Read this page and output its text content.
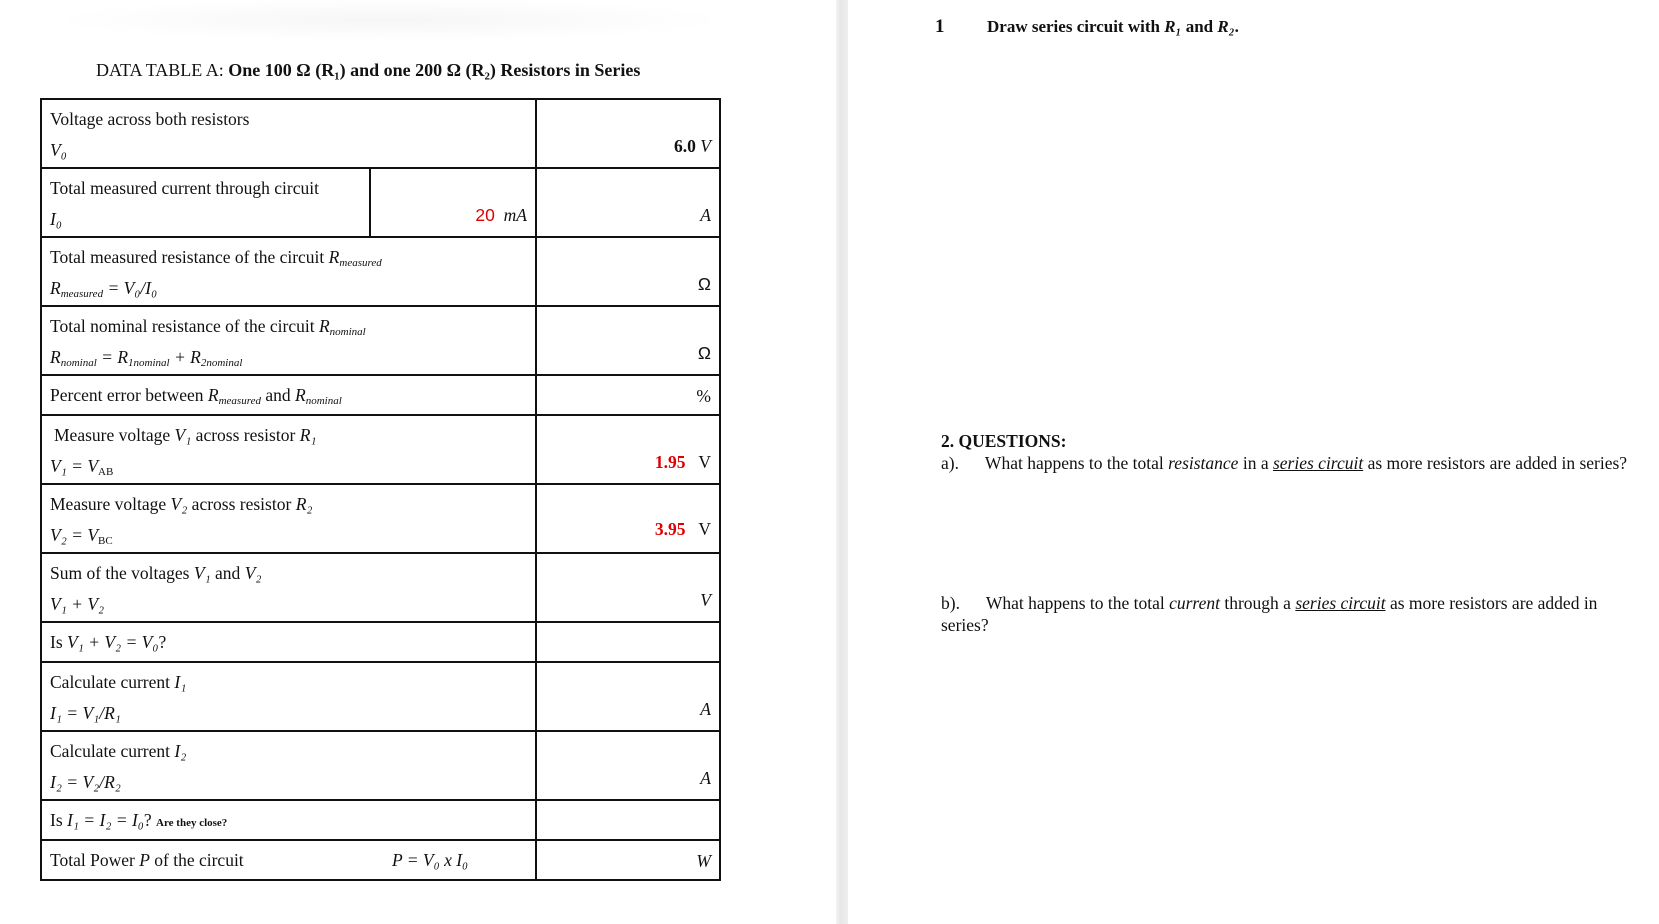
DATA TABLE A: One 100 Ω (R₁) and one 200 Ω (R₂) Resistors in Series
Voltage across both resistors
V₀		6.0 V

Total measured current through circuit
I₀	20 mA	A

Total measured resistance of the circuit Rmeasured
Rmeasured = V₀/I₀		Ω

Total nominal resistance of the circuit Rnominal
Rnominal = R1nominal + R2nominal		Ω

Percent error between Rmeasured and Rnominal		%

Measure voltage V₁ across resistor R₁
V₁ = VAB		1.95 V

Measure voltage V₂ across resistor R₂
V₂ = VBC		3.95 V

Sum of the voltages V₁ and V₂
V₁ + V₂		V

Is V₁ + V₂ = V₀?		

Calculate current I₁
I₁ = V₁/R₁		A

Calculate current I₂
I₂ = V₂/R₂		A

Is I₁ = I₂ = I₀? Are they close?		

Total Power P of the circuit P = V₀ x I₀		W
1	Draw series circuit with R₁ and R₂.

2. QUESTIONS:

a). What happens to the total resistance in a series circuit as more resistors are added in series?

b). What happens to the total current through a series circuit as more resistors are added in series?
